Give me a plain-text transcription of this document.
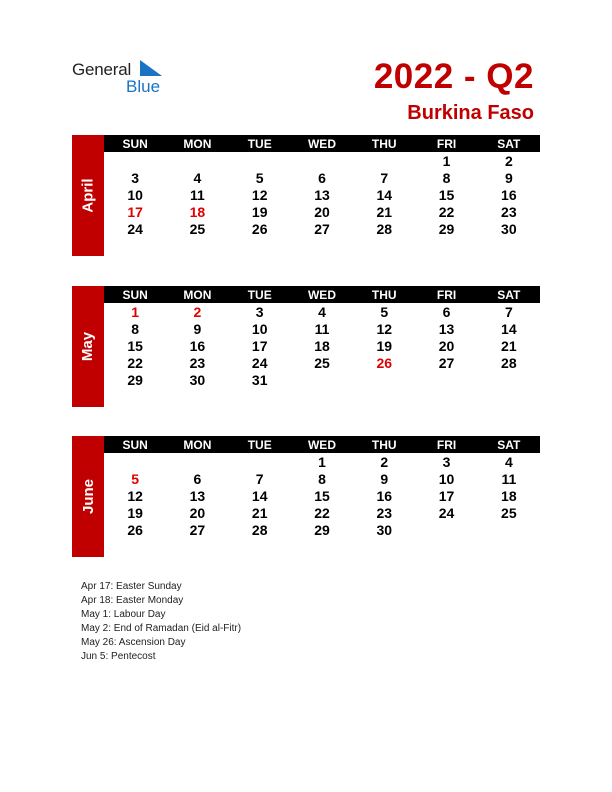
General
Blue	2022 - Q2
Burkina Faso
April
SUN	MON	TUE	WED	THU	FRI	SAT
					1	2
3	4	5	6	7	8	9
10	11	12	13	14	15	16
17	18	19	20	21	22	23
24	25	26	27	28	29	30
May
SUN	MON	TUE	WED	THU	FRI	SAT
1	2	3	4	5	6	7
8	9	10	11	12	13	14
15	16	17	18	19	20	21
22	23	24	25	26	27	28
29	30	31				
June
SUN	MON	TUE	WED	THU	FRI	SAT
			1	2	3	4
5	6	7	8	9	10	11
12	13	14	15	16	17	18
19	20	21	22	23	24	25
26	27	28	29	30		
Apr 17: Easter Sunday
Apr 18: Easter Monday
May 1: Labour Day
May 2: End of Ramadan (Eid al-Fitr)
May 26: Ascension Day
Jun 5: Pentecost
